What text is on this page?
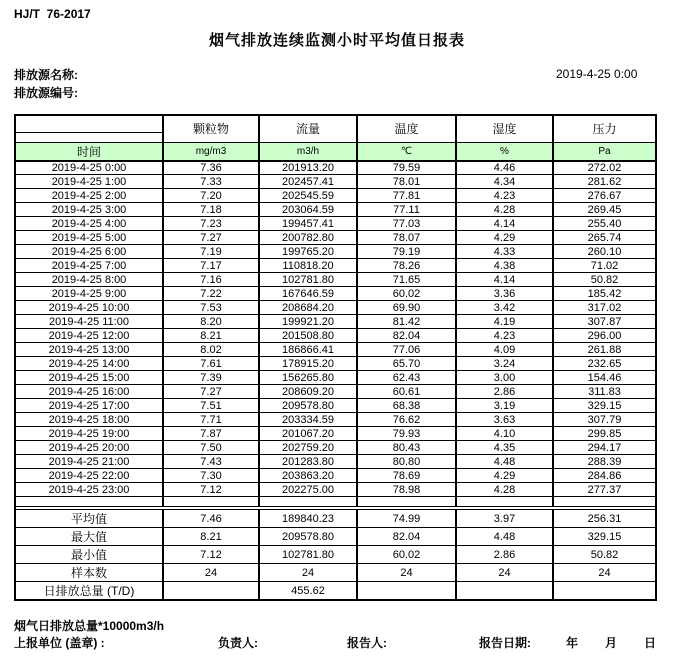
HJ/T  76-2017
烟气排放连续监测小时平均值日报表
排放源名称:
排放源编号:
2019-4-25 0:00
	颗粒物	流量	温度	湿度	压力

时间	mg/m3	m3/h	℃	%	Pa
2019-4-25 0:00	7.36	201913.20	79.59	4.46	272.02
2019-4-25 1:00	7.33	202457.41	78.01	4.34	281.62
2019-4-25 2:00	7.20	202545.59	77.81	4.23	276.67
2019-4-25 3:00	7.18	203064.59	77.11	4.28	269.45
2019-4-25 4:00	7.23	199457.41	77.03	4.14	255.40
2019-4-25 5:00	7.27	200782.80	78.07	4.29	265.74
2019-4-25 6:00	7.19	199765.20	79.19	4.33	260.10
2019-4-25 7:00	7.17	110818.20	78.26	4.38	71.02
2019-4-25 8:00	7.16	102781.80	71.65	4.14	50.82
2019-4-25 9:00	7.22	167646.59	60.02	3.36	185.42
2019-4-25 10:00	7.53	208684.20	69.90	3.42	317.02
2019-4-25 11:00	8.20	199921.20	81.42	4.19	307.87
2019-4-25 12:00	8.21	201508.80	82.04	4.23	296.00
2019-4-25 13:00	8.02	186866.41	77.06	4.09	261.88
2019-4-25 14:00	7.61	178915.20	65.70	3.24	232.65
2019-4-25 15:00	7.39	156265.80	62.43	3.00	154.46
2019-4-25 16:00	7.27	208609.20	60.61	2.86	311.83
2019-4-25 17:00	7.51	209578.80	68.38	3.19	329.15
2019-4-25 18:00	7.71	203334.59	76.62	3.63	307.79
2019-4-25 19:00	7.87	201067.20	79.93	4.10	299.85
2019-4-25 20:00	7.50	202759.20	80.43	4.35	294.17
2019-4-25 21:00	7.43	201283.80	80.80	4.48	288.39
2019-4-25 22:00	7.30	203863.20	78.69	4.29	284.86
2019-4-25 23:00	7.12	202275.00	78.98	4.28	277.37

平均值	7.46	189840.23	74.99	3.97	256.31
最大值	8.21	209578.80	82.04	4.48	329.15
最小值	7.12	102781.80	60.02	2.86	50.82
样本数	24	24	24	24	24
日排放总量 (T/D)		455.62			
烟气日排放总量*10000m3/h
上报单位 (盖章) :	负责人:	报告人:	报告日期:	年 月 日
